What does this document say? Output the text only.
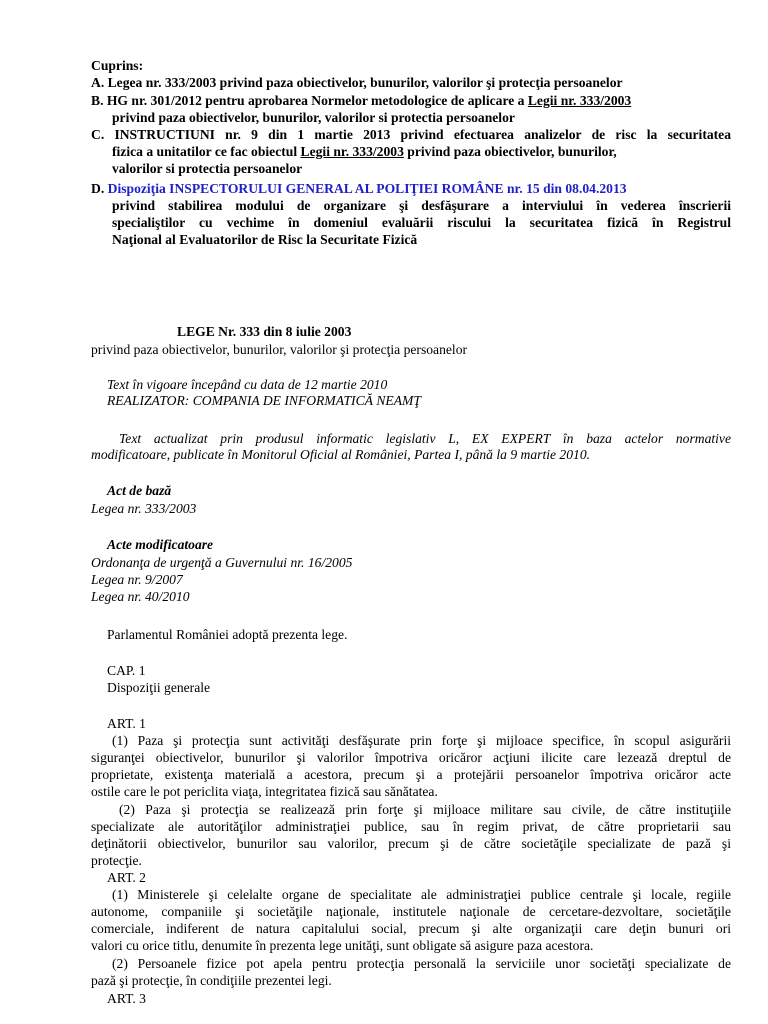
Cuprins:
A. Legea nr. 333/2003 privind paza obiectivelor, bunurilor, valorilor şi protecţia persoanelor
B. HG nr. 301/2012 pentru aprobarea Normelor metodologice de aplicare a Legii nr. 333/2003
privind paza obiectivelor, bunurilor, valorilor si protectia persoanelor
C. INSTRUCTIUNI nr. 9 din 1 martie 2013 privind efectuarea analizelor de risc la securitatea
fizica a unitatilor ce fac obiectul Legii nr. 333/2003 privind paza obiectivelor, bunurilor,
valorilor si protectia persoanelor
D. Dispoziţia INSPECTORULUI GENERAL AL POLIŢIEI ROMÂNE nr. 15 din 08.04.2013
privind stabilirea modului de organizare şi desfăşurare a interviului în vederea înscrierii
specialiştilor cu vechime în domeniul evaluării riscului la securitatea fizică în Registrul
Naţional al Evaluatorilor de Risc la Securitate Fizică
LEGE Nr. 333 din 8 iulie 2003
privind paza obiectivelor, bunurilor, valorilor şi protecţia persoanelor
Text în vigoare începând cu data de 12 martie 2010
REALIZATOR: COMPANIA DE INFORMATICĂ NEAMŢ
Text actualizat prin produsul informatic legislativ L, EX EXPERT în baza actelor normative
modificatoare, publicate în Monitorul Oficial al României, Partea I, până la 9 martie 2010.
Act de bază
Legea nr. 333/2003
Acte modificatoare
Ordonanţa de urgenţă a Guvernului nr. 16/2005
Legea nr. 9/2007
Legea nr. 40/2010
Parlamentul României adoptă prezenta lege.
CAP. 1
Dispoziţii generale
ART. 1
(1) Paza şi protecţia sunt activităţi desfăşurate prin forţe şi mijloace specifice, în scopul asigurării
siguranţei obiectivelor, bunurilor şi valorilor împotriva oricăror acţiuni ilicite care lezează dreptul de
proprietate, existenţa materială a acestora, precum şi a protejării persoanelor împotriva oricăror acte
ostile care le pot periclita viaţa, integritatea fizică sau sănătatea.
(2) Paza şi protecţia se realizează prin forţe şi mijloace militare sau civile, de către instituţiile
specializate ale autorităţilor administraţiei publice, sau în regim privat, de către proprietarii sau
deţinătorii obiectivelor, bunurilor sau valorilor, precum şi de către societăţile specializate de pază şi
protecţie.
ART. 2
(1) Ministerele şi celelalte organe de specialitate ale administraţiei publice centrale şi locale, regiile
autonome, companiile şi societăţile naţionale, institutele naţionale de cercetare-dezvoltare, societăţile
comerciale, indiferent de natura capitalului social, precum şi alte organizaţii care deţin bunuri ori
valori cu orice titlu, denumite în prezenta lege unităţi, sunt obligate să asigure paza acestora.
(2) Persoanele fizice pot apela pentru protecţia personală la serviciile unor societăţi specializate de
pază şi protecţie, în condiţiile prezentei legi.
ART. 3
